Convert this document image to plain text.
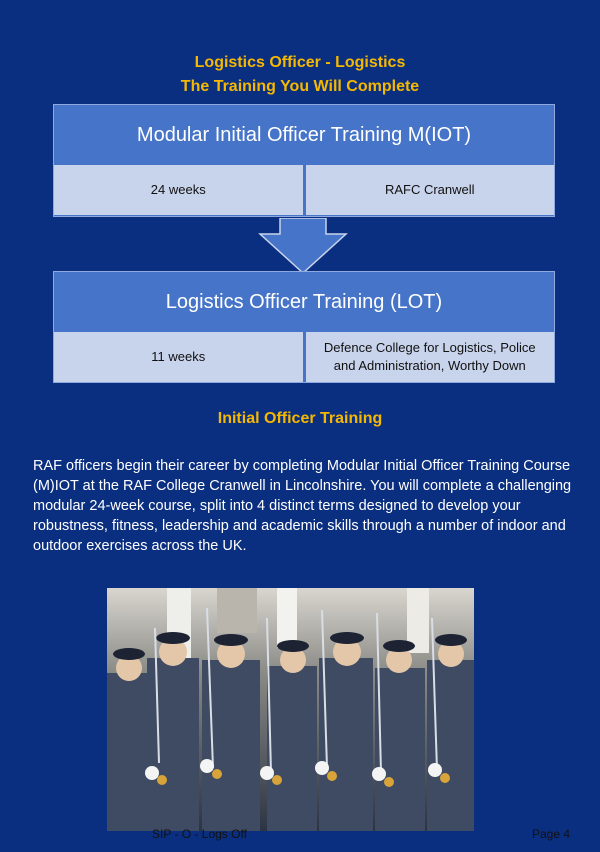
Logistics Officer - Logistics
The Training You Will Complete
Modular Initial Officer Training M(IOT)
24 weeks	RAFC Cranwell
Logistics Officer Training (LOT)
11 weeks
Defence College for Logistics, Police and Administration, Worthy Down
Initial Officer Training
RAF officers begin their career by completing Modular Initial Officer Training Course (M)IOT at the RAF College Cranwell in Lincolnshire. You will complete a challenging modular 24-week course, split into 4 distinct terms designed to develop your robustness, fitness, leadership and academic skills through a number of indoor and outdoor exercises across the UK.
SIP - O - Logs Off	Page 4
